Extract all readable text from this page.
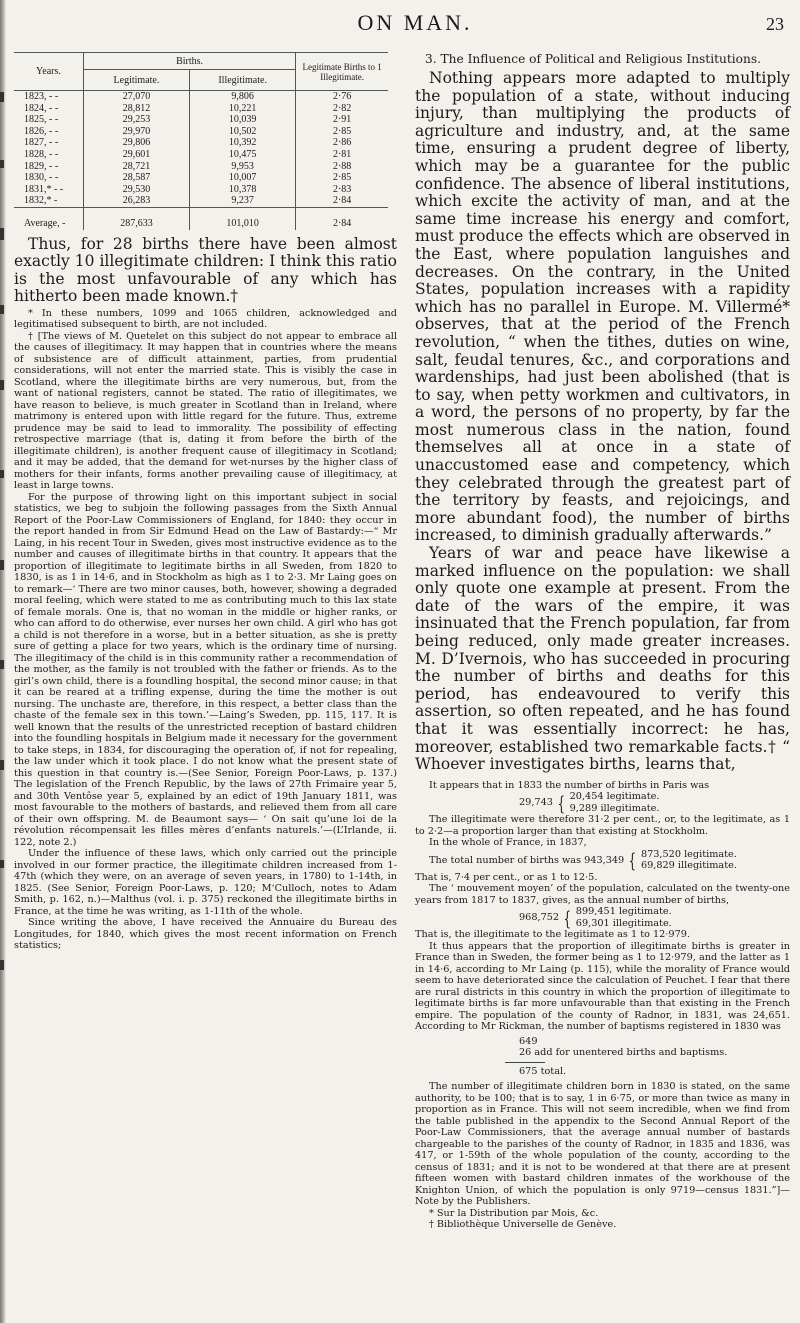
ON MAN.	23
Years.	Births.		Legitimate Births to 1 Illegitimate.
	Legitimate.	Illegitimate.	
1823, - -	27,070	9,806	2·76
1824, - -	28,812	10,221	2·82
1825, - -	29,253	10,039	2·91
1826, - -	29,970	10,502	2·85
1827, - -	29,806	10,392	2·86
1828, - -	29,601	10,475	2·81
1829, - -	28,721	9,953	2·88
1830, - -	28,587	10,007	2·85
1831,* - -	29,530	10,378	2·83
1832,* -	26,283	9,237	2·84
Average, -	287,633	101,010	2·84

Thus, for 28 births there have been almost exactly 10 illegitimate children: I think this ratio is the most unfavourable of any which has hitherto been made known.†

* In these numbers, 1099 and 1065 children, acknowledged and legitimatised subsequent to birth, are not included.

† [The views of M. Quetelet on this subject do not appear to embrace all the causes of illegitimacy. It may happen that in countries where the means of subsistence are of difficult attainment, parties, from prudential considerations, will not enter the married state. This is visibly the case in Scotland, where the illegitimate births are very numerous, but, from the want of national registers, cannot be stated. The ratio of illegitimates, we have reason to believe, is much greater in Scotland than in Ireland, where matrimony is entered upon with little regard for the future. Thus, extreme prudence may be said to lead to immorality. The possibility of effecting retrospective marriage (that is, dating it from before the birth of the illegitimate children), is another frequent cause of illegitimacy in Scotland; and it may be added, that the demand for wet-nurses by the higher class of mothers for their infants, forms another prevailing cause of illegitimacy, at least in large towns.

For the purpose of throwing light on this important subject in social statistics, we beg to subjoin the following passages from the Sixth Annual Report of the Poor-Law Commissioners of England, for 1840: they occur in the report handed in from Sir Edmund Head on the Law of Bastardy:—“ Mr Laing, in his recent Tour in Sweden, gives most instructive evidence as to the number and causes of illegitimate births in that country. It appears that the proportion of illegitimate to legitimate births in all Sweden, from 1820 to 1830, is as 1 in 14·6, and in Stockholm as high as 1 to 2·3. Mr Laing goes on to remark—‘ There are two minor causes, both, however, showing a degraded moral feeling, which were stated to me as contributing much to this lax state of female morals. One is, that no woman in the middle or higher ranks, or who can afford to do otherwise, ever nurses her own child. A girl who has got a child is not therefore in a worse, but in a better situation, as she is pretty sure of getting a place for two years, which is the ordinary time of nursing. The illegitimacy of the child is in this community rather a recommendation of the mother, as the family is not troubled with the father or friends. As to the girl’s own child, there is a foundling hospital, the second minor cause; in that it can be reared at a trifling expense, during the time the mother is out nursing. The unchaste are, therefore, in this respect, a better class than the chaste of the female sex in this town.’—Laing’s Sweden, pp. 115, 117. It is well known that the results of the unrestricted reception of bastard children into the foundling hospitals in Belgium made it necessary for the government to take steps, in 1834, for discouraging the operation of, if not for repealing, the law under which it took place. I do not know what the present state of this question in that country is.—(See Senior, Foreign Poor-Laws, p. 137.) The legislation of the French Republic, by the laws of 27th Frimaire year 5, and 30th Ventôse year 5, explained by an edict of 19th January 1811, was most favourable to the mothers of bastards, and relieved them from all care of their own offspring. M. de Beaumont says— ‘ On sait qu’une loi de la révolution récompensait les filles mères d’enfants naturels.’—(L’Irlande, ii. 122, note 2.)

Under the influence of these laws, which only carried out the principle involved in our former practice, the illegitimate children increased from 1-47th (which they were, on an average of seven years, in 1780) to 1-14th, in 1825. (See Senior, Foreign Poor-Laws, p. 120; M‘Culloch, notes to Adam Smith, p. 162, n.)—Malthus (vol. i. p. 375) reckoned the illegitimate births in France, at the time he was writing, as 1-11th of the whole.

Since writing the above, I have received the Annuaire du Bureau des Longitudes, for 1840, which gives the most recent information on French statistics;

3. The Influence of Political and Religious Institutions.

Nothing appears more adapted to multiply the population of a state, without inducing injury, than multiplying the products of agriculture and industry, and, at the same time, ensuring a prudent degree of liberty, which may be a guarantee for the public confidence. The absence of liberal institutions, which excite the activity of man, and at the same time increase his energy and comfort, must produce the effects which are observed in the East, where population languishes and decreases. On the contrary, in the United States, population increases with a rapidity which has no parallel in Europe. M. Villermé* observes, that at the period of the French revolution, “ when the tithes, duties on wine, salt, feudal tenures, &c., and corporations and wardenships, had just been abolished (that is to say, when petty workmen and cultivators, in a word, the persons of no property, by far the most numerous class in the nation, found themselves all at once in a state of unaccustomed ease and competency, which they celebrated through the greatest part of the territory by feasts, and rejoicings, and more abundant food), the number of births increased, to diminish gradually afterwards.”

Years of war and peace have likewise a marked influence on the population: we shall only quote one example at present. From the date of the wars of the empire, it was insinuated that the French population, far from being reduced, only made greater increases. M. D’Ivernois, who has succeeded in procuring the number of births and deaths for this period, has endeavoured to verify this assertion, so often repeated, and he has found that it was essentially incorrect: he has, moreover, established two remarkable facts.† “ Whoever investigates births, learns that,

It appears that in 1833 the number of births in Paris was

29,743 { 20,454 legitimate.
9,289 illegitimate.

The illegitimate were therefore 31·2 per cent., or, to the legitimate, as 1 to 2·2—a proportion larger than that existing at Stockholm.

In the whole of France, in 1837,

The total number of births was
943,349 { 873,520 legitimate.
69,829 illegitimate.

That is, 7·4 per cent., or as 1 to 12·5.

The ‘ mouvement moyen’ of the population, calculated on the twenty-one years from 1817 to 1837, gives, as the annual number of births,

968,752 { 899,451 legitimate.
69,301 illegitimate.

That is, the illegitimate to the legitimate as 1 to 12·979.

It thus appears that the proportion of illegitimate births is greater in France than in Sweden, the former being as 1 to 12·979, and the latter as 1 in 14·6, according to Mr Laing (p. 115), while the morality of France would seem to have deteriorated since the calculation of Peuchet. I fear that there are rural districts in this country in which the proportion of illegitimate to legitimate births is far more unfavourable than that existing in the French empire. The population of the county of Radnor, in 1831, was 24,651. According to Mr Rickman, the number of baptisms registered in 1830 was

649
26 add for unentered births and baptisms.
675 total.

The number of illegitimate children born in 1830 is stated, on the same authority, to be 100; that is to say, 1 in 6·75, or more than twice as many in proportion as in France. This will not seem incredible, when we find from the table published in the appendix to the Second Annual Report of the Poor-Law Commissioners, that the average annual number of bastards chargeable to the parishes of the county of Radnor, in 1835 and 1836, was 417, or 1-59th of the whole population of the county, according to the census of 1831; and it is not to be wondered at that there are at present fifteen women with bastard children inmates of the workhouse of the Knighton Union, of which the population is only 9719—census 1831.”]—Note by the Publishers.

* Sur la Distribution par Mois, &c.

† Bibliothèque Universelle de Genève.
